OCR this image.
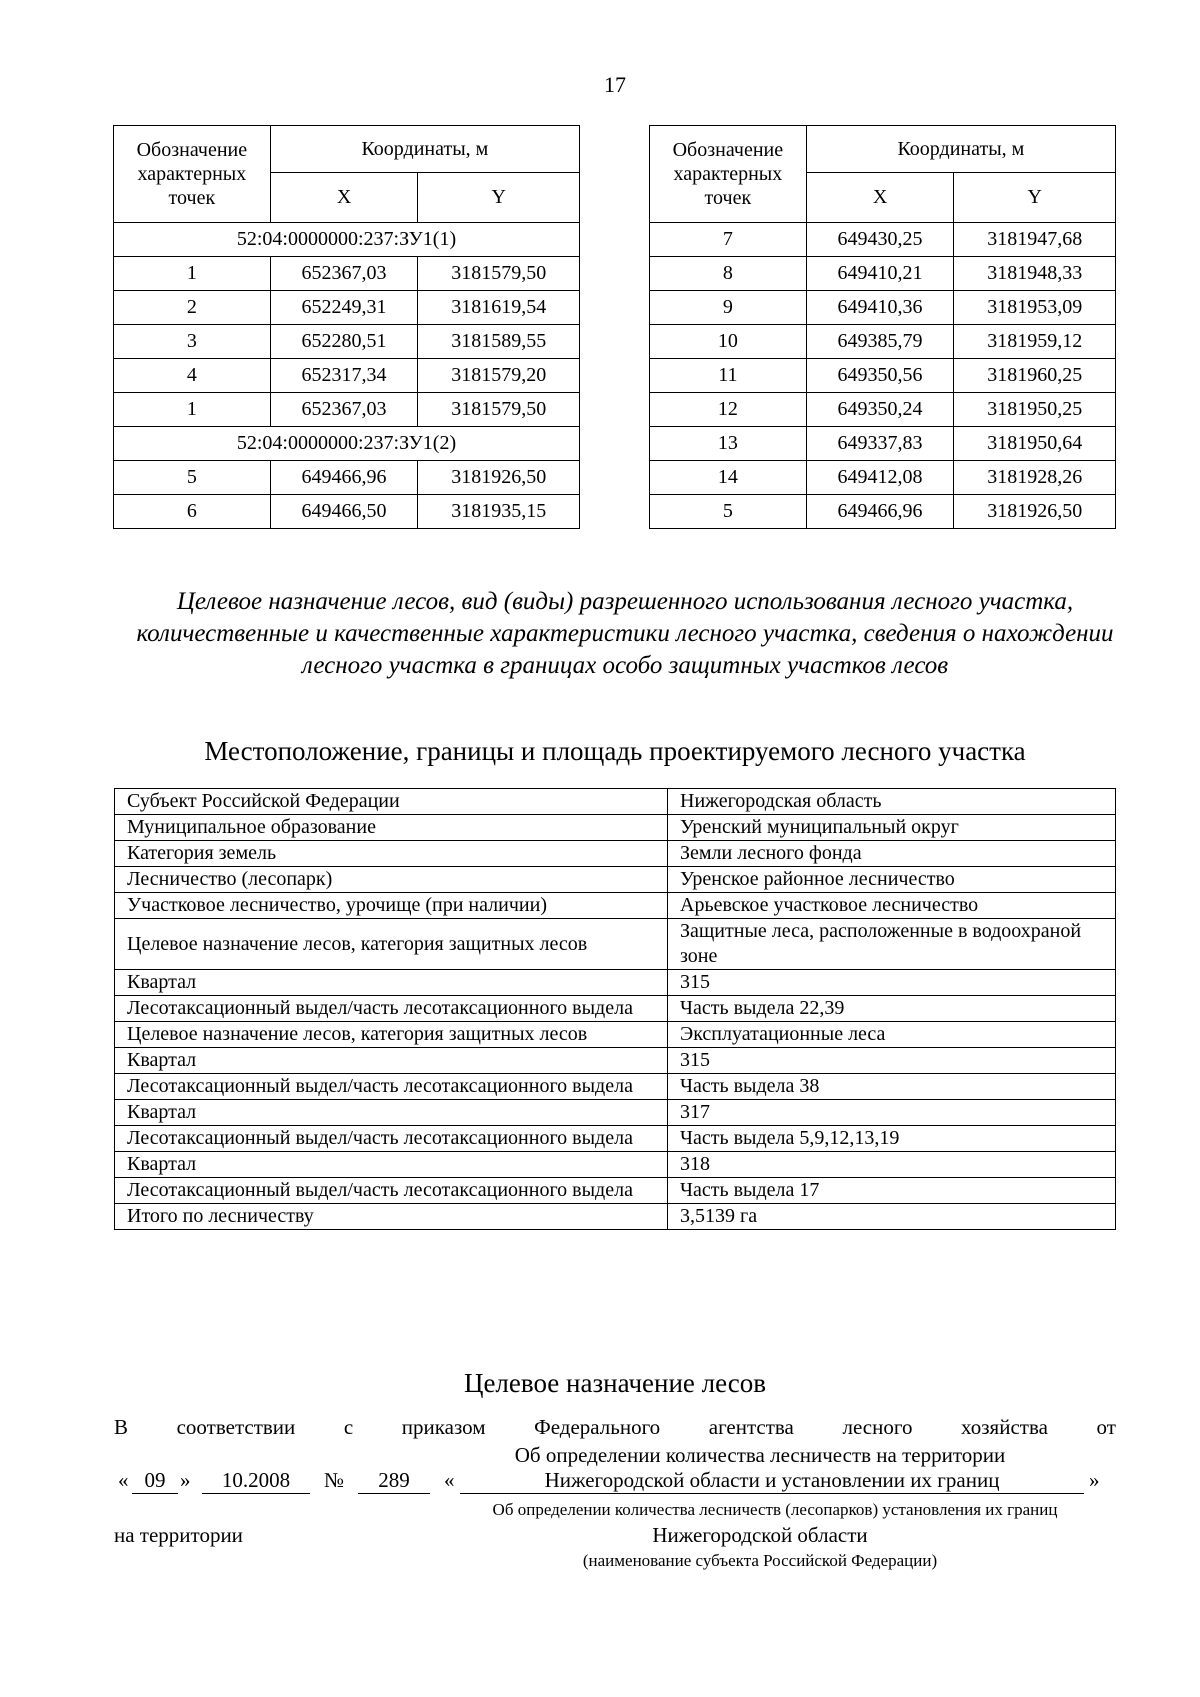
17
Обозначение характерных точек	Координаты, м	
	X	Y
52:04:0000000:237:ЗУ1(1)		
1	652367,03	3181579,50
2	652249,31	3181619,54
3	652280,51	3181589,55
4	652317,34	3181579,20
1	652367,03	3181579,50
52:04:0000000:237:ЗУ1(2)		
5	649466,96	3181926,50
6	649466,50	3181935,15
Обозначение характерных точек	Координаты, м	
	X	Y
7	649430,25	3181947,68
8	649410,21	3181948,33
9	649410,36	3181953,09
10	649385,79	3181959,12
11	649350,56	3181960,25
12	649350,24	3181950,25
13	649337,83	3181950,64
14	649412,08	3181928,26
5	649466,96	3181926,50
Целевое назначение лесов, вид (виды) разрешенного использования лесного участка, количественные и качественные характеристики лесного участка, сведения о нахождении лесного участка в границах особо защитных участков лесов
Местоположение, границы и площадь проектируемого лесного участка
Субъект Российской Федерации	Нижегородская область
Муниципальное образование	Уренский муниципальный округ
Категория земель	Земли лесного фонда
Лесничество (лесопарк)	Уренское районное лесничество
Участковое лесничество, урочище (при наличии)	Арьевское участковое лесничество
Целевое назначение лесов, категория защитных лесов	Защитные леса, расположенные в водоохраной зоне
Квартал	315
Лесотаксационный выдел/часть лесотаксационного выдела	Часть выдела 22,39
Целевое назначение лесов, категория защитных лесов	Эксплуатационные леса
Квартал	315
Лесотаксационный выдел/часть лесотаксационного выдела	Часть выдела 38
Квартал	317
Лесотаксационный выдел/часть лесотаксационного выдела	Часть выдела 5,9,12,13,19
Квартал	318
Лесотаксационный выдел/часть лесотаксационного выдела	Часть выдела 17
Итого по лесничеству	3,5139 га
Целевое назначение лесов
В соответствии с приказом Федерального агентства лесного хозяйства от
Об определении количества лесничеств на территории
« 09 »	10.2008	№	289	«	Нижегородской области и установлении их границ	»
Об определении количества лесничеств (лесопарков) установления их границ
на территории	Нижегородской области
(наименование субъекта Российской Федерации)
